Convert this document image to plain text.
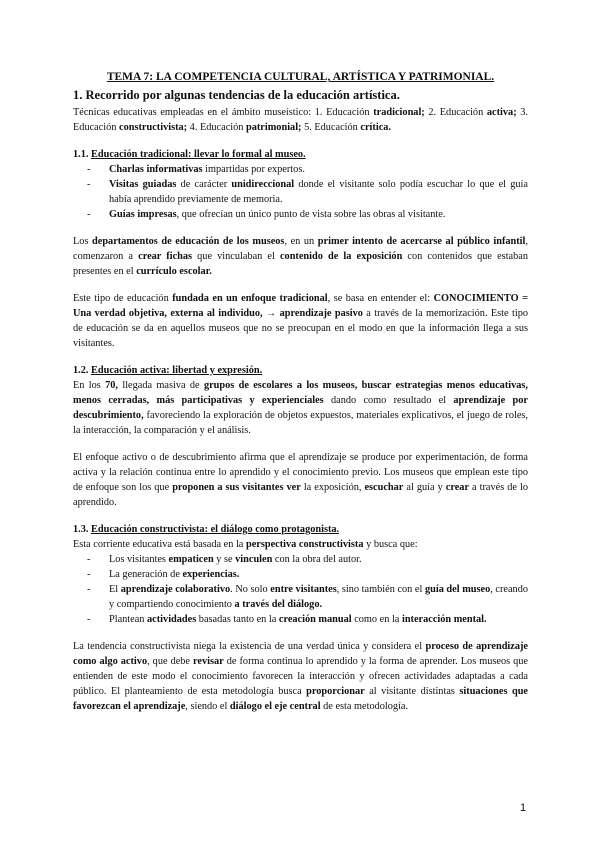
TEMA 7: LA COMPETENCIA CULTURAL, ARTÍSTICA Y PATRIMONIAL.
1. Recorrido por algunas tendencias de la educación artística.

Técnicas educativas empleadas en el ámbito museístico: 1. Educación tradicional; 2. Educación activa; 3. Educación constructivista; 4. Educación patrimonial; 5. Educación crítica.

1.1. Educación tradicional: llevar lo formal al museo.
- Charlas informativas impartidas por expertos.
- Visitas guiadas de carácter unidireccional donde el visitante solo podía escuchar lo que el guía había aprendido previamente de memoria.
- Guías impresas, que ofrecían un único punto de vista sobre las obras al visitante.

Los departamentos de educación de los museos, en un primer intento de acercarse al público infantil, comenzaron a crear fichas que vinculaban el contenido de la exposición con contenidos que estaban presentes en el currículo escolar.

Este tipo de educación fundada en un enfoque tradicional, se basa en entender el: CONOCIMIENTO = Una verdad objetiva, externa al individuo, → aprendizaje pasivo a través de la memorización. Este tipo de educación se da en aquellos museos que no se preocupan en el modo en que la información llega a sus visitantes.

1.2. Educación activa: libertad y expresión.

En los 70, llegada masiva de grupos de escolares a los museos, buscar estrategias menos educativas, menos cerradas, más participativas y experienciales dando como resultado el aprendizaje por descubrimiento, favoreciendo la exploración de objetos expuestos, materiales explicativos, el juego de roles, la interacción, la comparación y el análisis.

El enfoque activo o de descubrimiento afirma que el aprendizaje se produce por experimentación, de forma activa y la relación continua entre lo aprendido y el conocimiento previo. Los museos que emplean este tipo de enfoque son los que proponen a sus visitantes ver la exposición, escuchar al guía y crear a través de lo aprendido.

1.3. Educación constructivista: el diálogo como protagonista.

Esta corriente educativa está basada en la perspectiva constructivista y busca que:

- Los visitantes empaticen y se vinculen con la obra del autor.
- La generación de experiencias.
- El aprendizaje colaborativo. No solo entre visitantes, sino también con el guía del museo, creando y compartiendo conocimiento a través del diálogo.
- Plantean actividades basadas tanto en la creación manual como en la interacción mental.

La tendencia constructivista niega la existencia de una verdad única y considera el proceso de aprendizaje como algo activo, que debe revisar de forma continua lo aprendido y la forma de aprender. Los museos que entienden de este modo el conocimiento favorecen la interacción y ofrecen actividades adaptadas a cada público. El planteamiento de esta metodología busca proporcionar al visitante distintas situaciones que favorezcan el aprendizaje, siendo el diálogo el eje central de esta metodología.

1
